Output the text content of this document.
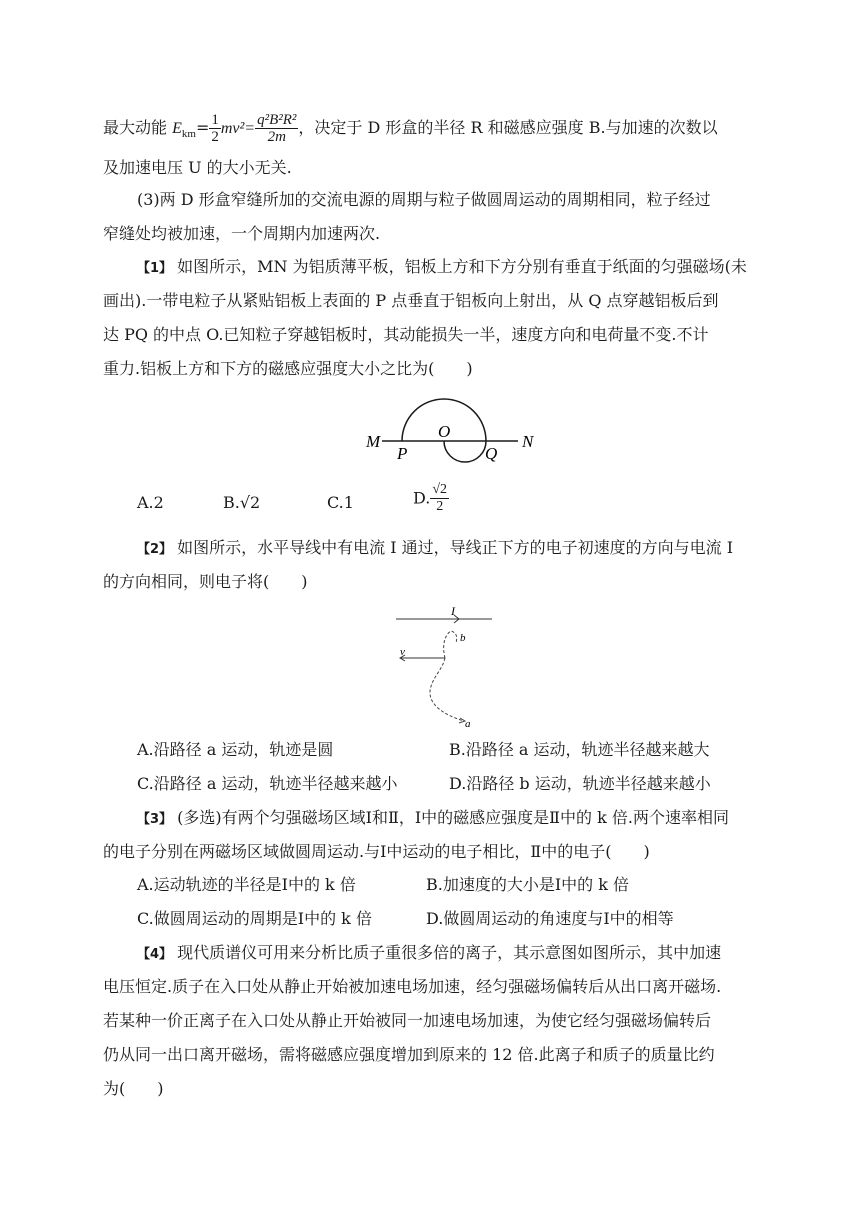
最大动能 $E_{km}= \frac{1}{2} mv^2= \frac{\text{q²B²R²}}{2m}$ ，决定于 D 形盒的半径 R 和磁感应强度 B.与加速的次数以
及加速电压 U 的大小无关.
(3)两 D 形盒窄缝所加的交流电源的周期与粒子做圆周运动的周期相同，粒子经过
窄缝处均被加速，一个周期内加速两次.
【1】 如图所示，MN 为铝质薄平板，铝板上方和下方分别有垂直于纸面的匀强磁场(未
画出).一带电粒子从紧贴铝板上表面的 P 点垂直于铝板向上射出，从 Q 点穿越铝板后到
达 PQ 的中点 O.已知粒子穿越铝板时，其动能损失一半，速度方向和电荷量不变.不计
重力.铝板上方和下方的磁感应强度大小之比为(　　)
M	N
O
P	Q
A.2	B.√2	C.1	D. $\frac{√2}{2}$
【2】 如图所示，水平导线中有电流 I 通过，导线正下方的电子初速度的方向与电流 I
的方向相同，则电子将(　　)
I
b
v
a
A.沿路径 a 运动，轨迹是圆	B.沿路径 a 运动，轨迹半径越来越大
C.沿路径 a 运动，轨迹半径越来越小	D.沿路径 b 运动，轨迹半径越来越小
【3】 (多选)有两个匀强磁场区域Ⅰ和Ⅱ，Ⅰ中的磁感应强度是Ⅱ中的 k 倍.两个速率相同
的电子分别在两磁场区域做圆周运动.与Ⅰ中运动的电子相比，Ⅱ中的电子(　　)
A.运动轨迹的半径是Ⅰ中的 k 倍	B.加速度的大小是Ⅰ中的 k 倍
C.做圆周运动的周期是Ⅰ中的 k 倍	D.做圆周运动的角速度与Ⅰ中的相等
【4】 现代质谱仪可用来分析比质子重很多倍的离子，其示意图如图所示，其中加速
电压恒定.质子在入口处从静止开始被加速电场加速，经匀强磁场偏转后从出口离开磁场.
若某种一价正离子在入口处从静止开始被同一加速电场加速，为使它经匀强磁场偏转后
仍从同一出口离开磁场，需将磁感应强度增加到原来的 12 倍.此离子和质子的质量比约
为(　　)
